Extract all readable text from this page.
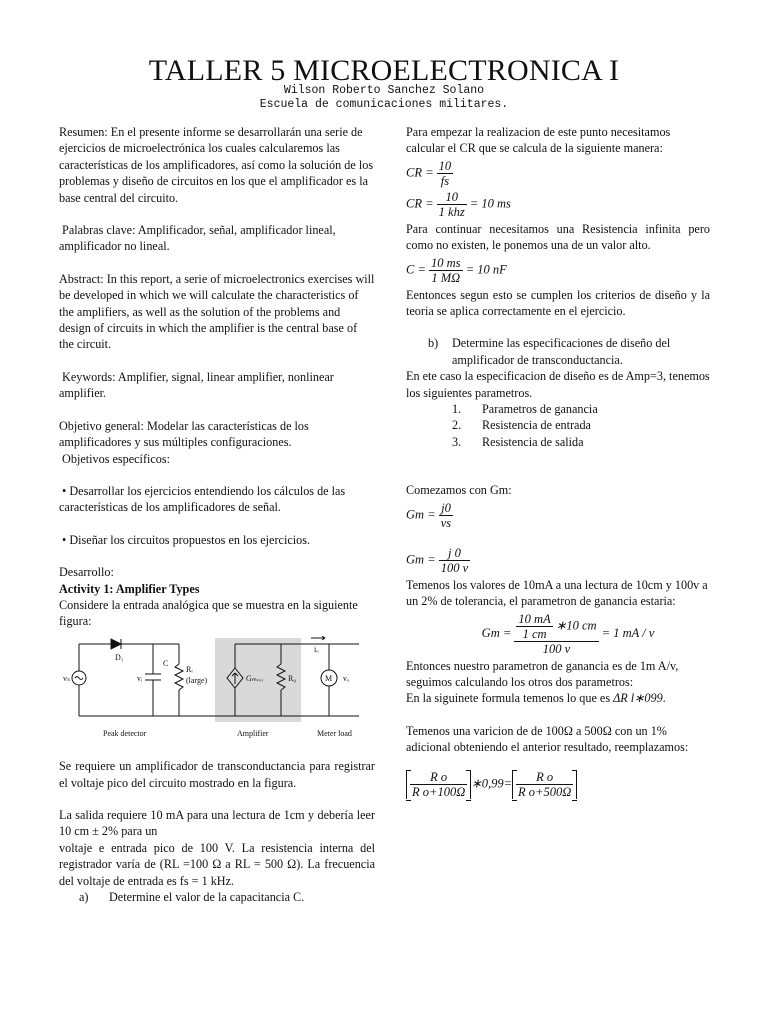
TALLER 5 MICROELECTRONICA I
Wilson Roberto Sanchez Solano
Escuela de comunicaciones militares.

Resumen: En el presente informe se desarrollarán una serie de ejercicios de microelectrónica los cuales calcularemos las características de los amplificadores, así como la solución de los problemas y diseño de circuitos en los que el amplificador es la base central del circuito.

Palabras clave: Amplificador, señal, amplificador lineal, amplificador no lineal.

Abstract: In this report, a serie of microelectronics exercises will be developed in which we will calculate the characteristics of the amplifiers, as well as the solution of the problems and design of circuits in which the amplifier is the central base of the circuit.

Keywords: Amplifier, signal, linear amplifier, nonlinear amplifier.

Objetivo general: Modelar las características de los amplificadores y sus múltiples configuraciones.

Objetivos específicos:

• Desarrollar los ejercicios entendiendo los cálculos de las características de los amplificadores de señal.

• Diseñar los circuitos propuestos en los ejercicios.

Desarrollo:

Activity 1: Amplifier Types

Considere la entrada analógica que se muestra en la siguiente figura:

vₛ
D₁
C
vᵢ
Rᵢ
(large)	Gₘᵥᵥᵢ	R₀
iₒ
M vₒ
Peak detector	Amplifier	Meter load

Se requiere un amplificador de transconductancia para registrar el voltaje pico del circuito mostrado en la figura.

La salida requiere 10 mA para una lectura de 1cm y debería leer 10 cm ± 2% para un

voltaje e entrada pico de 100 V. La resistencia interna del registrador varía de (RL =100 Ω a RL = 500 Ω). La frecuencia del voltaje de entrada es fs = 1 kHz.

a)	Determine el valor de la capacitancia C.

Para empezar la realizacion de este punto necesitamos calcular el CR que se calcula de la siguiente manera:

CR = $\frac{10}{fs}$
CR = $\frac{10}{\text{1 khz}} = 10$ ms

Para continuar necesitamos una Resistencia infinita pero como no existen, le ponemos una de un valor alto.

$C = \frac{10 ms}{1 M\Omega} = 10$ nF

Eentonces segun esto se cumplen los criterios de diseño y la teoria se aplica correctamente en el ejercicio.

b)	Determine las especificaciones de diseño del amplificador de transconductancia.

En ete caso la especificacion de diseño es de Amp=3, tenemos los siguientes parametros.

1.	Parametros de ganancia

2.	Resistencia de entrada

3.	Resistencia de salida

Comezamos con Gm:

$Gm = \frac{j0}{vs}$
$Gm = \frac{j 0}{100 v}$

Temenos los valores de 10mA a una lectura de 10cm y 100v a un 2% de tolerancia, el parametron de ganancia estaria:

$Gm = \frac{\frac{10 mA}{1 cm} ∗10 cm}{100 v} = 1$ mA / v

Entonces nuestro parametron de ganancia es de 1m A/v, seguimos calculando los otros dos parametros:

En la siguinete formula temenos lo que es ΔR l∗099.

Temenos una varicion de de 100Ω a 500Ω con un 1% adicional obteniendo el anterior resultado, reemplazamos:

$\frac{\text{R o}}{\text{R o+100Ω}}$ ∗0,99= $\frac{\text{R o}}{\text{R o+500Ω}}$
